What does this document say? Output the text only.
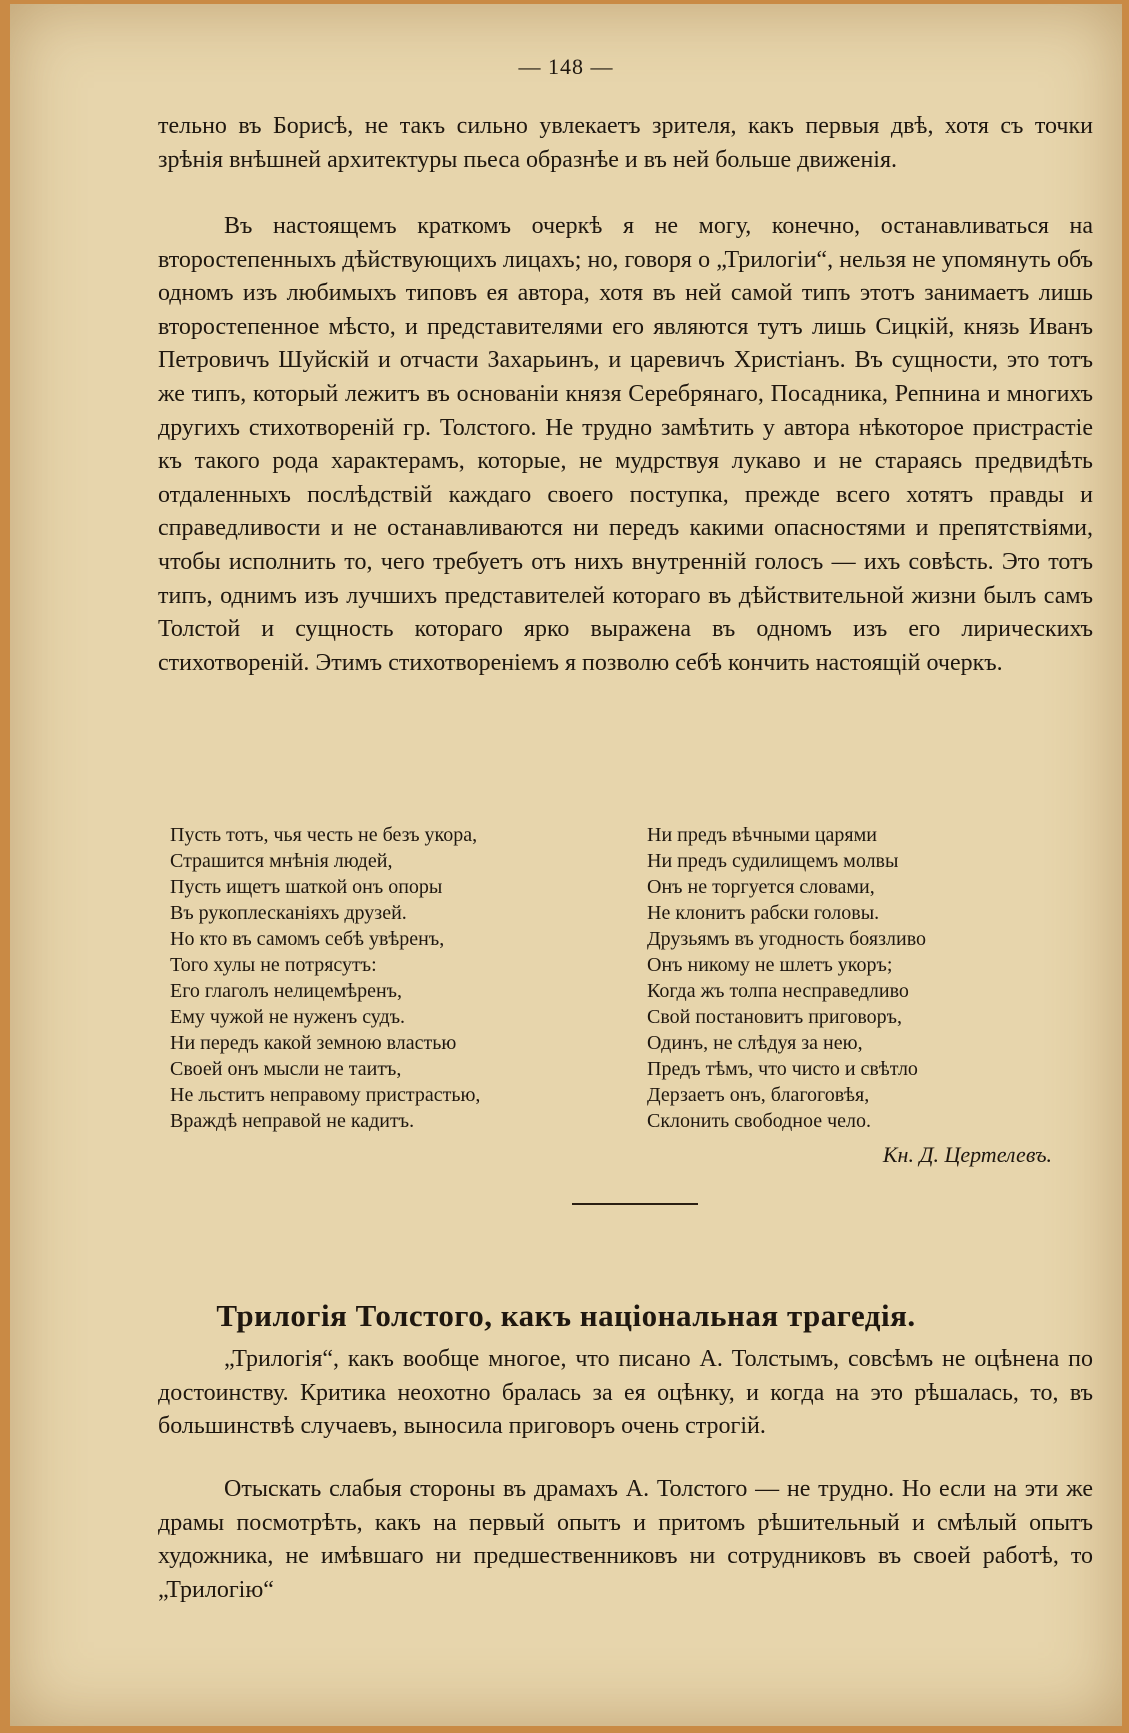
— 148 —

тельно въ Борисѣ, не такъ сильно увлекаетъ зрителя, какъ первыя двѣ, хотя съ точки зрѣнія внѣшней архитектуры пьеса образнѣе и въ ней больше движенія.

Въ настоящемъ краткомъ очеркѣ я не могу, конечно, останавливаться на второстепенныхъ дѣйствующихъ лицахъ; но, говоря о „Трилогіи“, нельзя не упомянуть объ одномъ изъ любимыхъ типовъ ея автора, хотя въ ней самой типъ этотъ занимаетъ лишь второстепенное мѣсто, и представителями его являются тутъ лишь Сицкій, князь Иванъ Петровичъ Шуйскій и отчасти Захарьинъ, и царевичъ Христіанъ. Въ сущности, это тотъ же типъ, который лежитъ въ основаніи князя Серебрянаго, Посадника, Репнина и многихъ другихъ стихотвореній гр. Толстого. Не трудно замѣтить у автора нѣкоторое пристрастіе къ такого рода характерамъ, которые, не мудрствуя лукаво и не стараясь предвидѣть отдаленныхъ послѣдствій каждаго своего поступка, прежде всего хотятъ правды и справедливости и не останавливаются ни передъ какими опасностями и препятствіями, чтобы исполнить то, чего требуетъ отъ нихъ внутренній голосъ — ихъ совѣсть. Это тотъ типъ, однимъ изъ лучшихъ представителей котораго въ дѣйствительной жизни былъ самъ Толстой и сущность котораго ярко выражена въ одномъ изъ его лирическихъ стихотвореній. Этимъ стихотвореніемъ я позволю себѣ кончить настоящій очеркъ.

Пусть тотъ, чья честь не безъ укора,
Страшится мнѣнія людей,
Пусть ищетъ шаткой онъ опоры
Въ рукоплесканіяхъ друзей.
Но кто въ самомъ себѣ увѣренъ,
Того хулы не потрясутъ:
Его глаголъ нелицемѣренъ,
Ему чужой не нуженъ судъ.
Ни передъ какой земною властью
Своей онъ мысли не таитъ,
Не льститъ неправому пристрастью,
Враждѣ неправой не кадитъ.
Ни предъ вѣчными царями
Ни предъ судилищемъ молвы
Онъ не торгуется словами,
Не клонитъ рабски головы.
Друзьямъ въ угодность боязливо
Онъ никому не шлетъ укоръ;
Когда жъ толпа несправедливо
Свой постановитъ приговоръ,
Одинъ, не слѣдуя за нею,
Предъ тѣмъ, что чисто и свѣтло
Дерзаетъ онъ, благоговѣя,
Склонить свободное чело.
Кн. Д. Цертелевъ.
Трилогія Толстого, какъ національная трагедія.

„Трилогія“, какъ вообще многое, что писано А. Толстымъ, совсѣмъ не оцѣнена по достоинству. Критика неохотно бралась за ея оцѣнку, и когда на это рѣшалась, то, въ большинствѣ случаевъ, выносила приговоръ очень строгій.

Отыскать слабыя стороны въ драмахъ А. Толстого — не трудно. Но если на эти же драмы посмотрѣть, какъ на первый опытъ и притомъ рѣшительный и смѣлый опытъ художника, не имѣвшаго ни предшественниковъ ни сотрудниковъ въ своей работѣ, то „Трилогію“
